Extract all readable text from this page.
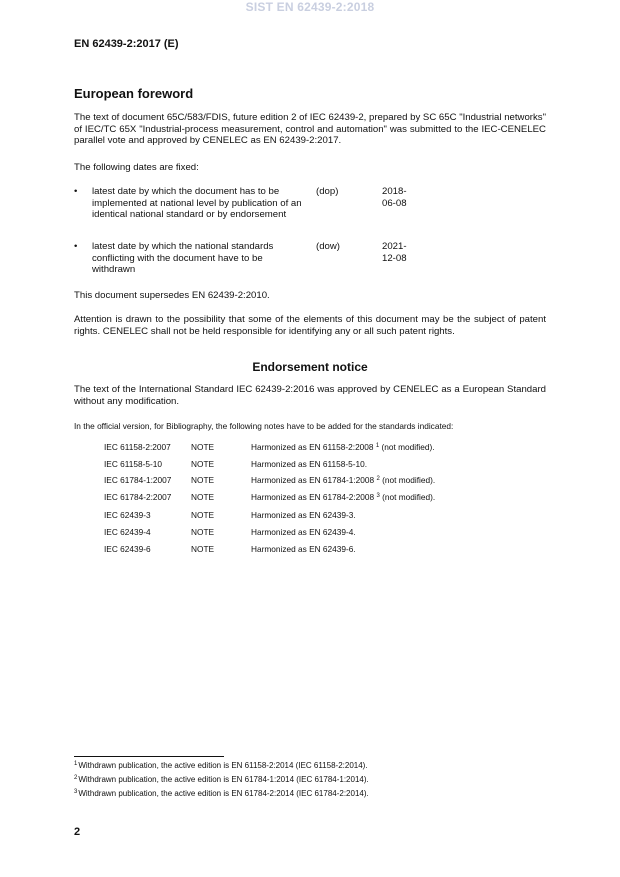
SIST EN 62439-2:2018
EN 62439-2:2017 (E)
European foreword
The text of document 65C/583/FDIS, future edition 2 of IEC 62439-2, prepared by SC 65C "Industrial networks" of IEC/TC 65X "Industrial-process measurement, control and automation" was submitted to the IEC-CENELEC parallel vote and approved by CENELEC as EN 62439-2:2017.
The following dates are fixed:
• latest date by which the document has to be implemented at national level by publication of an identical national standard or by endorsement
(dop)	2018-06-08
• latest date by which the national standards conflicting with the document have to be withdrawn
(dow)	2021-12-08
This document supersedes EN 62439-2:2010.
Attention is drawn to the possibility that some of the elements of this document may be the subject of patent rights. CENELEC shall not be held responsible for identifying any or all such patent rights.
Endorsement notice
The text of the International Standard IEC 62439-2:2016 was approved by CENELEC as a European Standard without any modification.
In the official version, for Bibliography, the following notes have to be added for the standards indicated:
IEC 61158-2:2007 NOTE	Harmonized as EN 61158-2:2008 $^1$ (not modified).
IEC 61158-5-10	NOTE	Harmonized as EN 61158-5-10.
IEC 61784-1:2007 NOTE	Harmonized as EN 61784-1:2008 $^2$ (not modified).
IEC 61784-2:2007 NOTE	Harmonized as EN 61784-2:2008 $^3$ (not modified).
IEC 62439-3	NOTE	Harmonized as EN 62439-3.
IEC 62439-4	NOTE	Harmonized as EN 62439-4.
IEC 62439-6	NOTE	Harmonized as EN 62439-6.
$^1$Withdrawn publication, the active edition is EN 61158-2:2014 (IEC 61158-2:2014).
$^2$Withdrawn publication, the active edition is EN 61784-1:2014 (IEC 61784-1:2014).
$^3$Withdrawn publication, the active edition is EN 61784-2:2014 (IEC 61784-2:2014).
2
